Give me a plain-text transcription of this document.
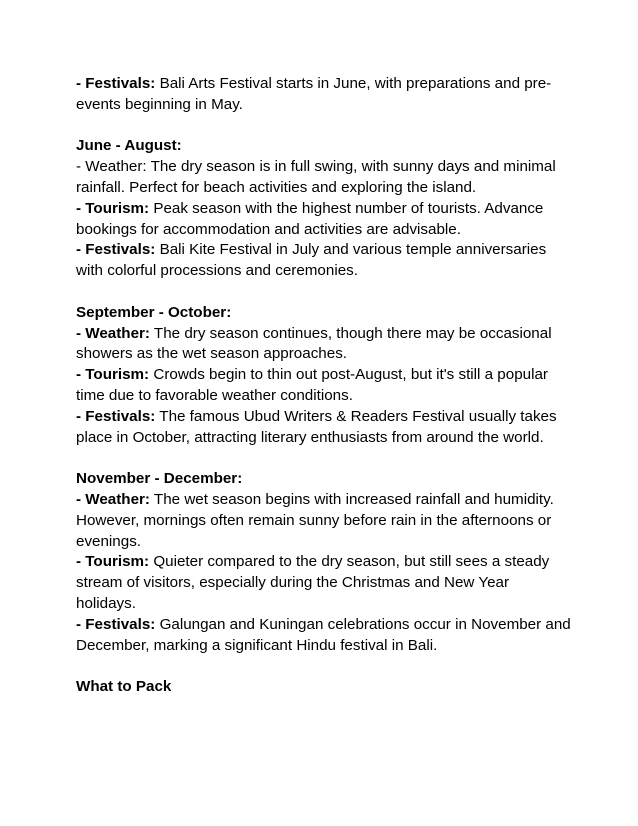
- Festivals: Bali Arts Festival starts in June, with preparations and pre-events beginning in May.

June - August:

- Weather: The dry season is in full swing, with sunny days and minimal rainfall. Perfect for beach activities and exploring the island.

- Tourism: Peak season with the highest number of tourists. Advance bookings for accommodation and activities are advisable.

- Festivals: Bali Kite Festival in July and various temple anniversaries with colorful processions and ceremonies.

September - October:

- Weather: The dry season continues, though there may be occasional showers as the wet season approaches.

- Tourism: Crowds begin to thin out post-August, but it's still a popular time due to favorable weather conditions.

- Festivals: The famous Ubud Writers & Readers Festival usually takes place in October, attracting literary enthusiasts from around the world.

November - December:

- Weather: The wet season begins with increased rainfall and humidity. However, mornings often remain sunny before rain in the afternoons or evenings.

- Tourism: Quieter compared to the dry season, but still sees a steady stream of visitors, especially during the Christmas and New Year holidays.

- Festivals: Galungan and Kuningan celebrations occur in November and December, marking a significant Hindu festival in Bali.

What to Pack
